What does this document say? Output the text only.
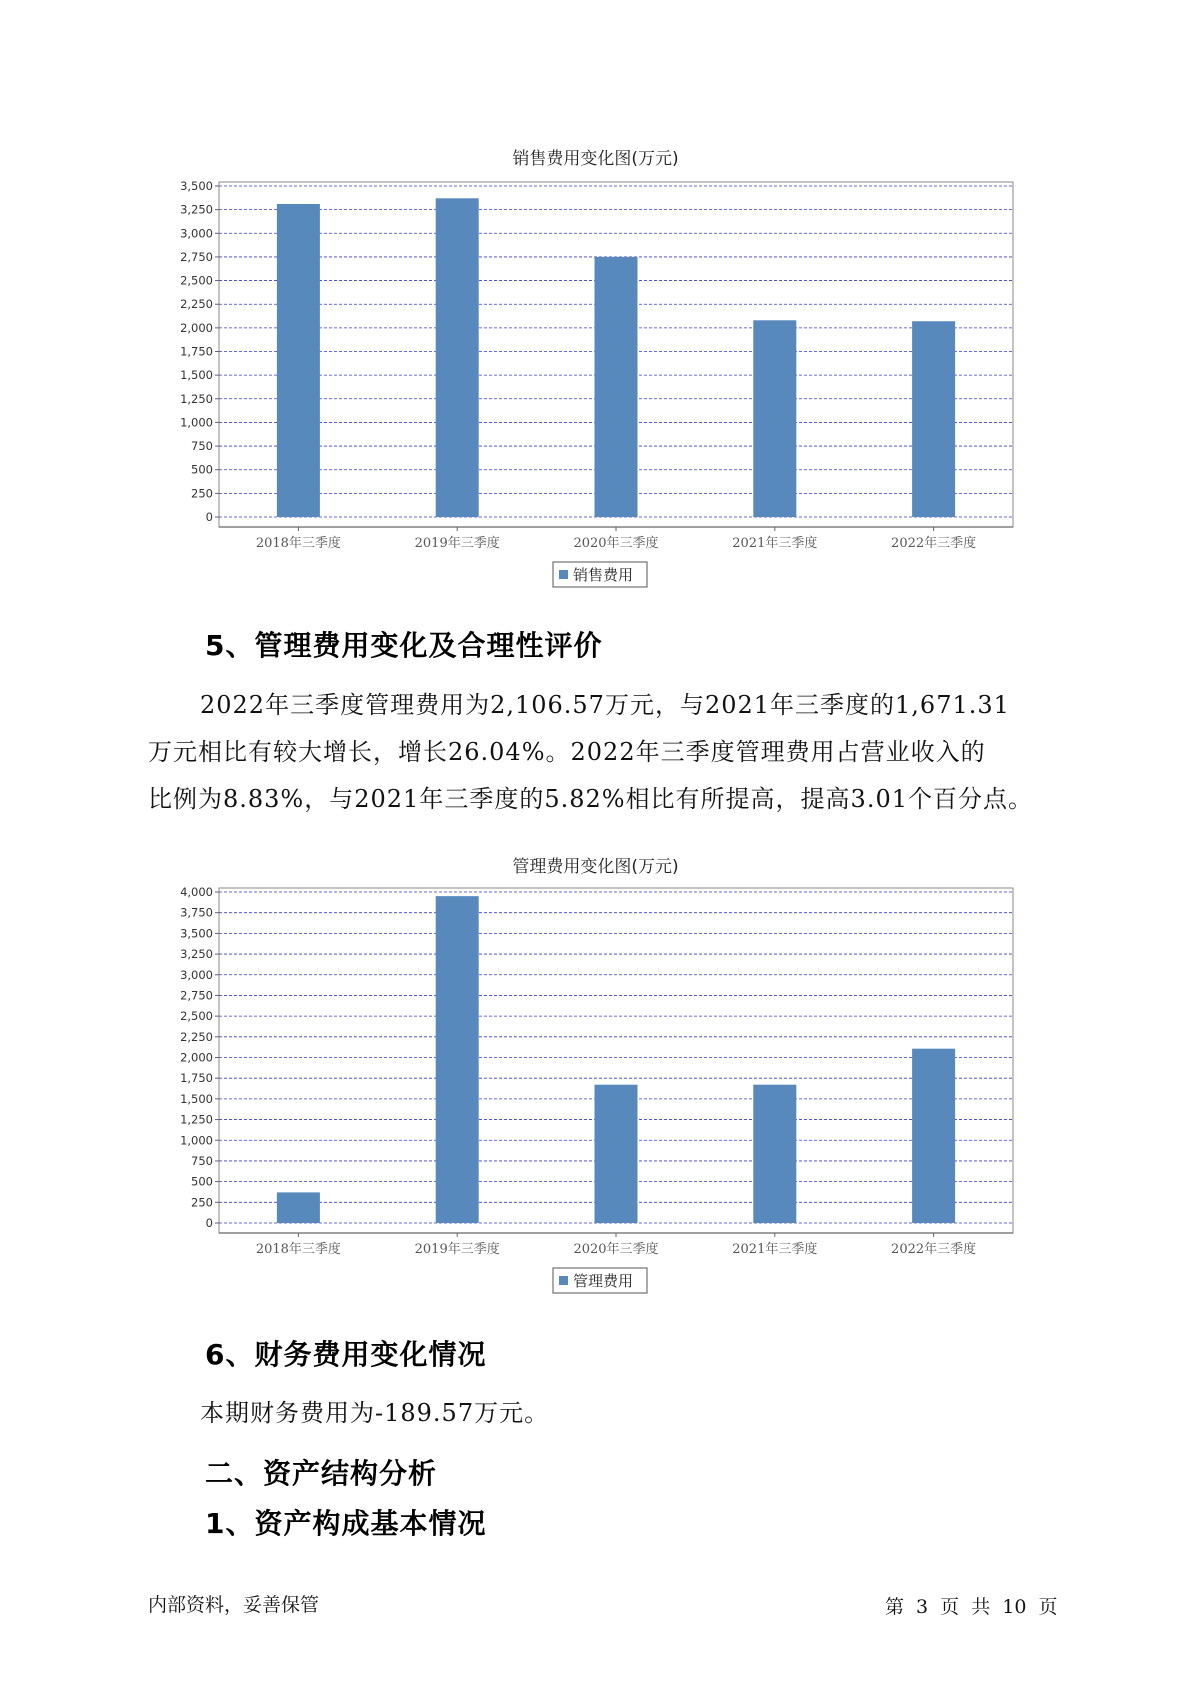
销售费用变化图(万元)
0
250
500
750
1,000
1,250
1,500
1,750
2,000
2,250
2,500
2,750
3,000
3,250
3,500
2018年三季度	2019年三季度	2020年三季度	2021年三季度	2022年三季度
销售费用
5、管理费用变化及合理性评价
2022年三季度管理费用为2,106.57万元，与2021年三季度的1,671.31
万元相比有较大增长，增长26.04%。2022年三季度管理费用占营业收入的
比例为8.83%，与2021年三季度的5.82%相比有所提高，提高3.01个百分点。
管理费用变化图(万元)
0
250
500
750
1,000
1,250
1,500
1,750
2,000
2,250
2,500
2,750
3,000
3,250
3,500
3,750
4,000
2018年三季度	2019年三季度	2020年三季度	2021年三季度	2022年三季度
管理费用
6、财务费用变化情况
本期财务费用为-189.57万元。
二、资产结构分析
1、资产构成基本情况
内部资料，妥善保管	第 3 页 共 10 页
